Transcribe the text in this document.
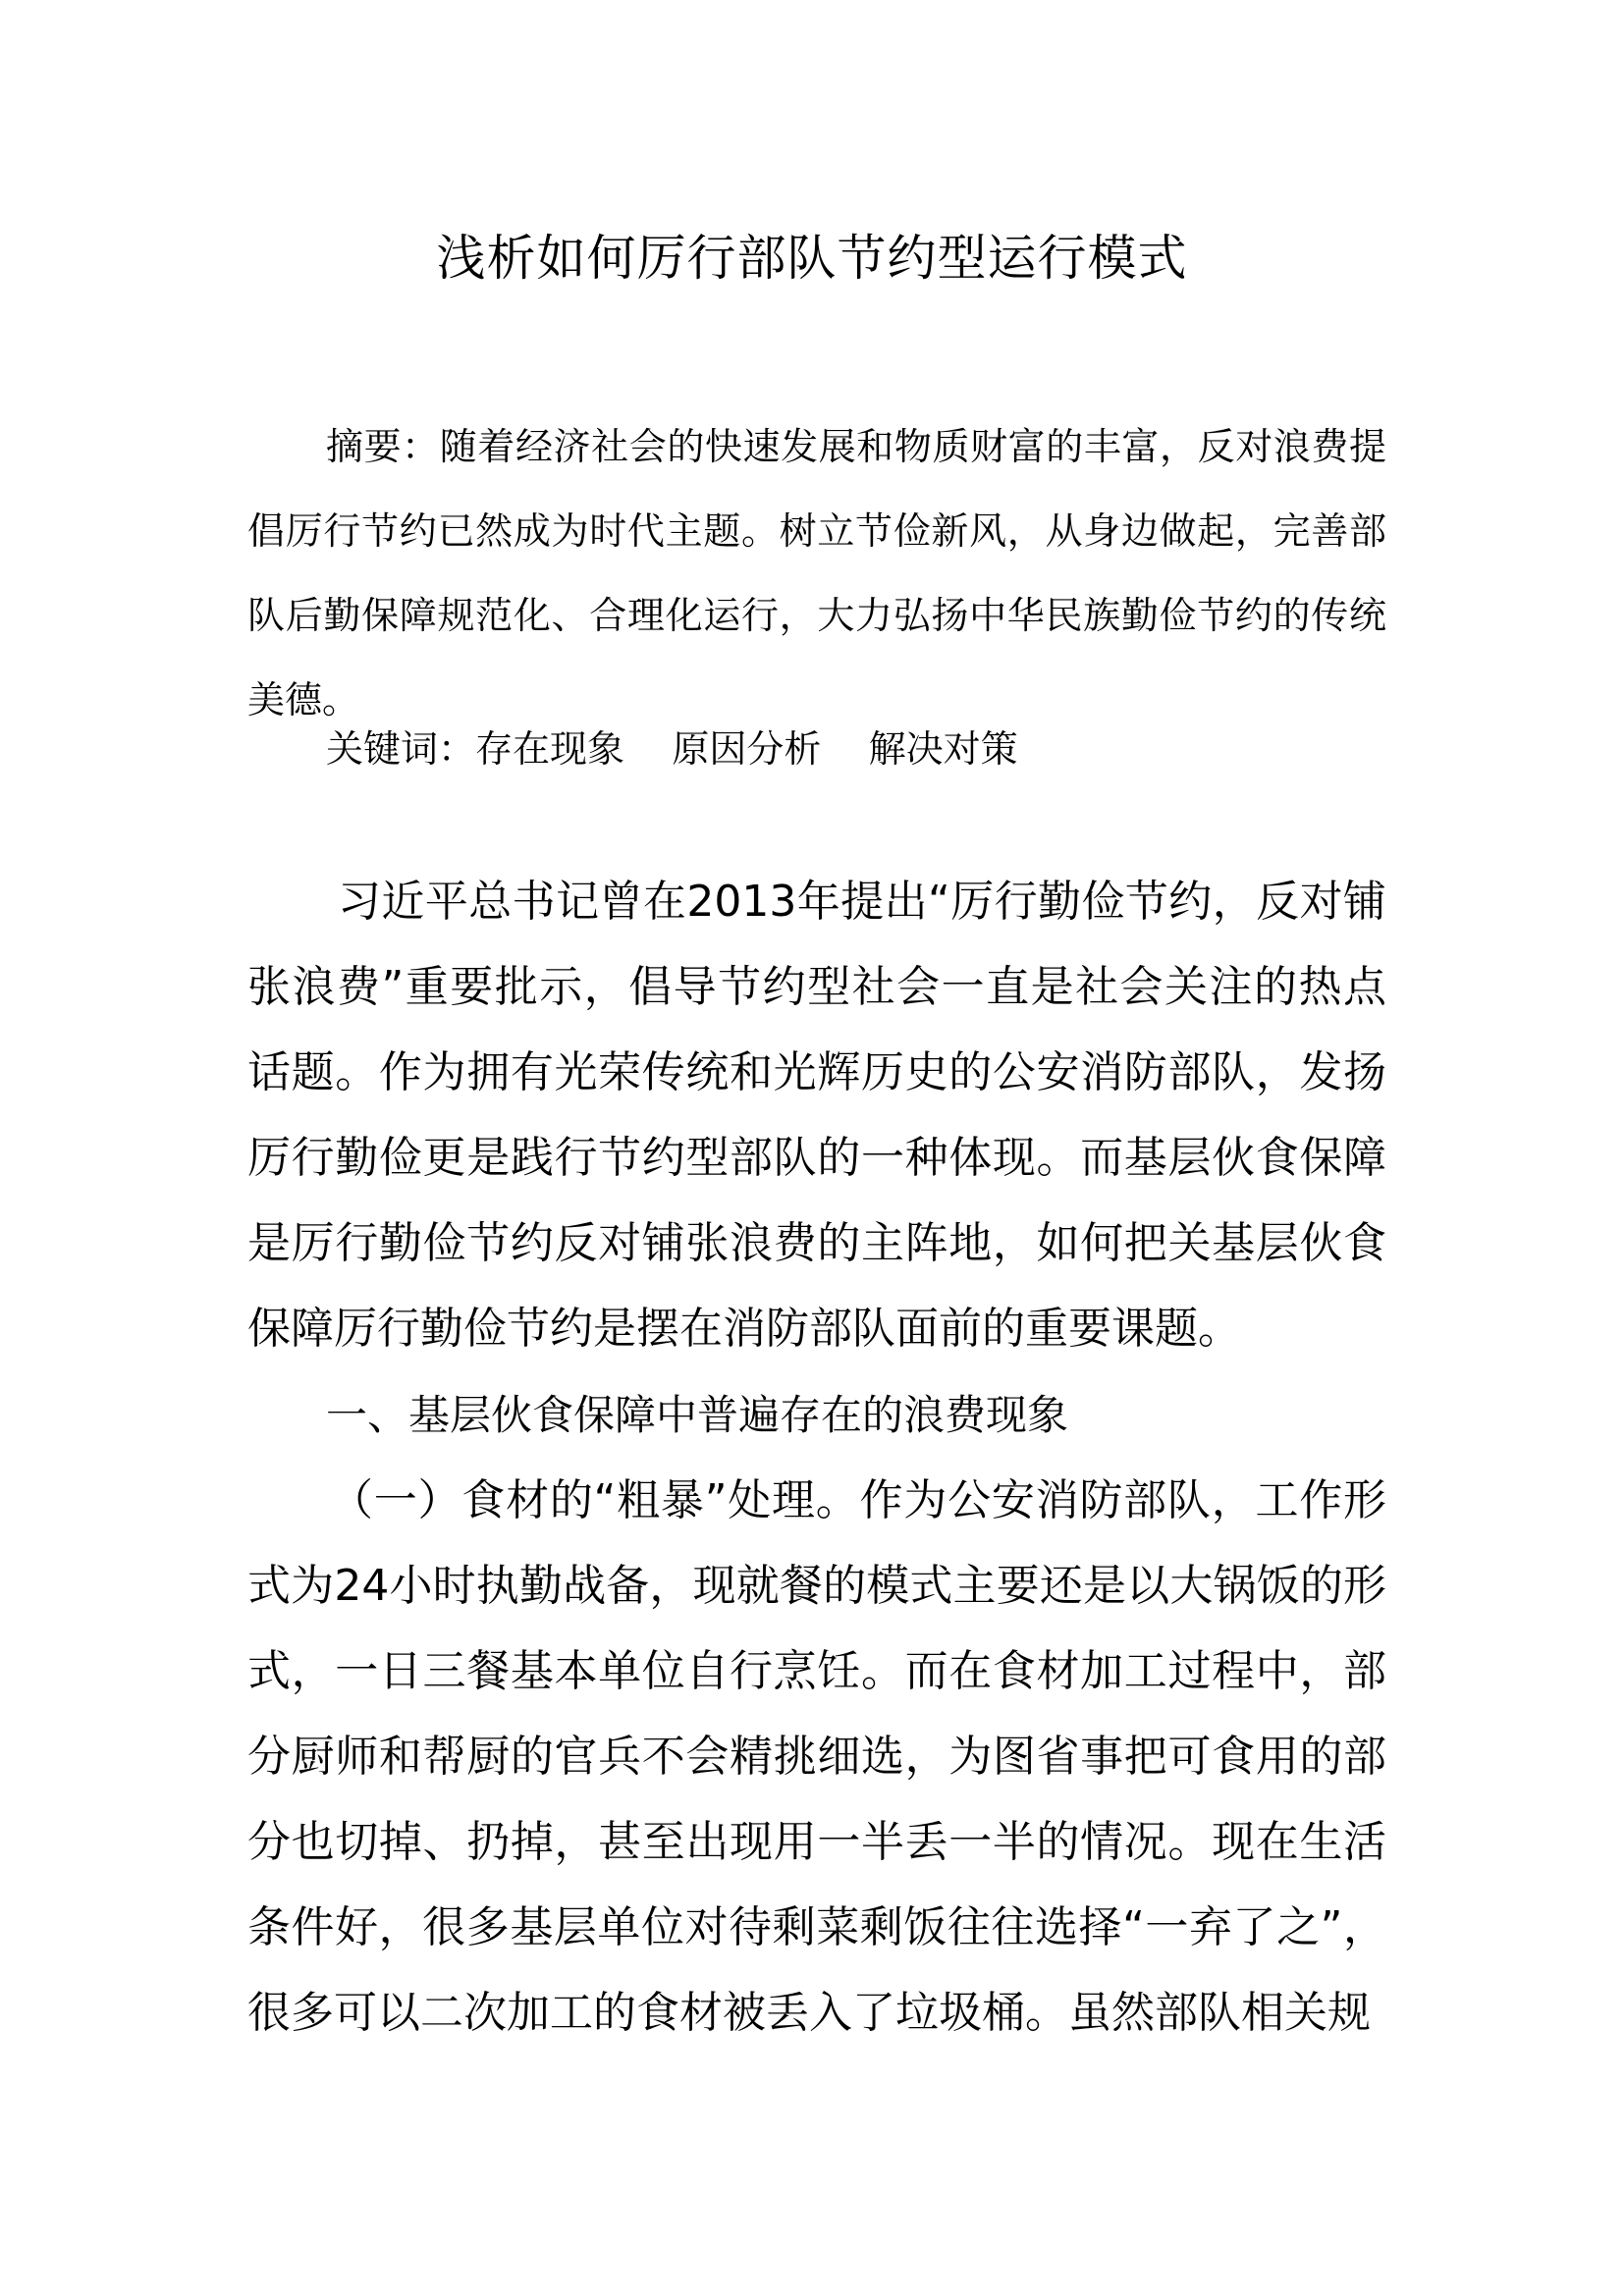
浅析如何厉行部队节约型运行模式

摘要：随着经济社会的快速发展和物质财富的丰富，反对浪费提倡厉行节约已然成为时代主题。树立节俭新风，从身边做起，完善部队后勤保障规范化、合理化运行，大力弘扬中华民族勤俭节约的传统美德。

关键词：存在现象    原因分析    解决对策

习近平总书记曾在2013年提出“厉行勤俭节约，反对铺张浪费”重要批示，倡导节约型社会一直是社会关注的热点话题。作为拥有光荣传统和光辉历史的公安消防部队，发扬厉行勤俭更是践行节约型部队的一种体现。而基层伙食保障是厉行勤俭节约反对铺张浪费的主阵地，如何把关基层伙食保障厉行勤俭节约是摆在消防部队面前的重要课题。

一、基层伙食保障中普遍存在的浪费现象

（一）食材的“粗暴”处理。作为公安消防部队，工作形式为24小时执勤战备，现就餐的模式主要还是以大锅饭的形式，一日三餐基本单位自行烹饪。而在食材加工过程中，部分厨师和帮厨的官兵不会精挑细选，为图省事把可食用的部分也切掉、扔掉，甚至出现用一半丢一半的情况。现在生活条件好，很多基层单位对待剩菜剩饭往往选择“一弃了之”，很多可以二次加工的食材被丢入了垃圾桶。虽然部队相关规
